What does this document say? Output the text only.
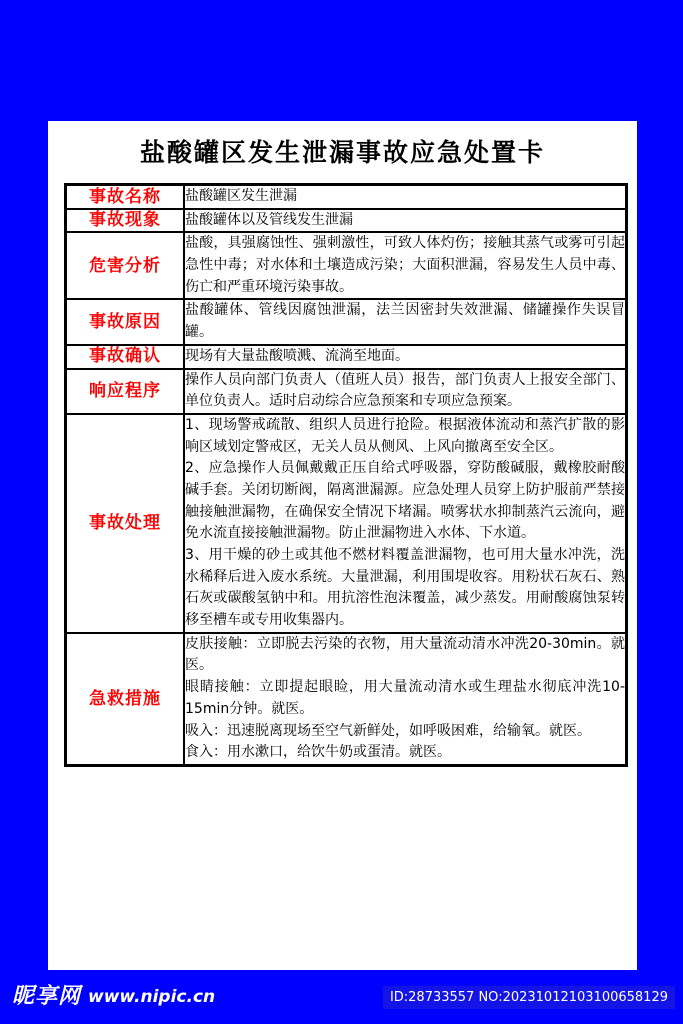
盐酸罐区发生泄漏事故应急处置卡
事故名称	盐酸罐区发生泄漏

事故现象	盐酸罐体以及管线发生泄漏

危害分析	盐酸，具强腐蚀性、强刺激性，可致人体灼伤；接触其蒸气或雾可引起急性中毒；对水体和土壤造成污染；大面积泄漏，容易发生人员中毒、伤亡和严重环境污染事故。

事故原因	盐酸罐体、管线因腐蚀泄漏，法兰因密封失效泄漏、储罐操作失误冒罐。

事故确认	现场有大量盐酸喷溅、流淌至地面。

响应程序	操作人员向部门负责人（值班人员）报告，部门负责人上报安全部门、单位负责人。适时启动综合应急预案和专项应急预案。

事故处理	1、现场警戒疏散、组织人员进行抢险。根据液体流动和蒸汽扩散的影响区域划定警戒区，无关人员从侧风、上风向撤离至安全区。

2、应急操作人员佩戴戴正压自给式呼吸器，穿防酸碱服，戴橡胶耐酸碱手套。关闭切断阀，隔离泄漏源。应急处理人员穿上防护服前严禁接触接触泄漏物，在确保安全情况下堵漏。喷雾状水抑制蒸汽云流向，避免水流直接接触泄漏物。防止泄漏物进入水体、下水道。

3、用干燥的砂土或其他不燃材料覆盖泄漏物，也可用大量水冲洗，洗水稀释后进入废水系统。大量泄漏，利用围堤收容。用粉状石灰石、熟石灰或碳酸氢钠中和。用抗溶性泡沫覆盖，减少蒸发。用耐酸腐蚀泵转移至槽车或专用收集器内。

急救措施	皮肤接触：立即脱去污染的衣物，用大量流动清水冲洗20-30min。就医。

眼睛接触：立即提起眼睑，用大量流动清水或生理盐水彻底冲洗10-15min分钟。就医。

吸入：迅速脱离现场至空气新鲜处，如呼吸困难，给输氧。就医。

食入：用水漱口，给饮牛奶或蛋清。就医。

昵享网 www.nipic.cn	ID:28733557 NO:20231012103100658129
